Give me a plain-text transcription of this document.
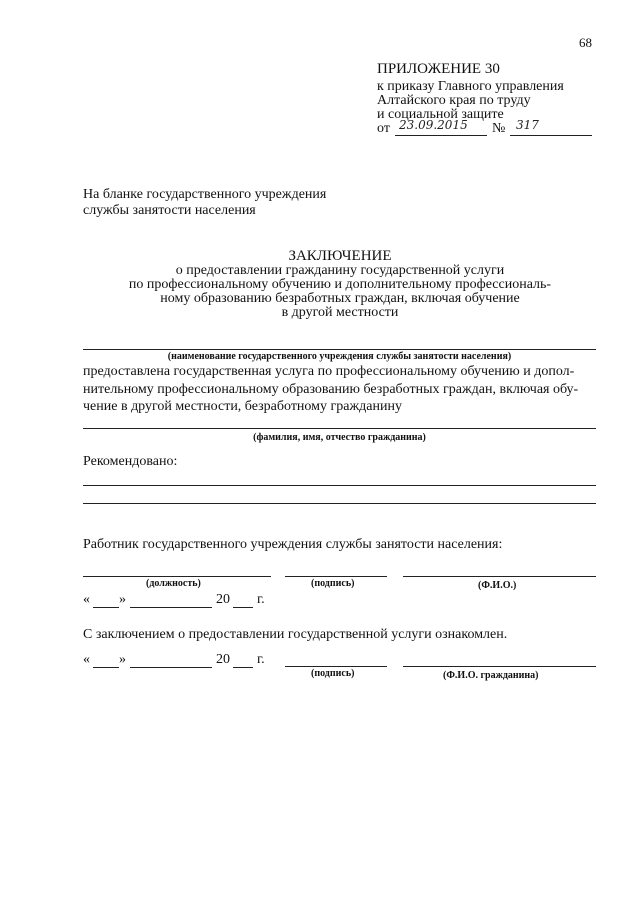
68
ПРИЛОЖЕНИЕ 30
к приказу Главного управления
Алтайского края по труду
и социальной защите
от 23.09.2015 № 317
На бланке государственного учреждения
службы занятости населения
ЗАКЛЮЧЕНИЕ
о предоставлении гражданину государственной услуги
по профессиональному обучению и дополнительному профессиональ-
ному образованию безработных граждан, включая обучение
в другой местности
(наименование государственного учреждения службы занятости населения)
предоставлена государственная услуга по профессиональному обучению и допол-
нительному профессиональному образованию безработных граждан, включая обу-
чение в другой местности, безработному гражданину
(фамилия, имя, отчество гражданина)
Рекомендовано:
Работник государственного учреждения службы занятости населения:
(должность)	(подпись)	(Ф.И.О.)
« »	20 г.
С заключением о предоставлении государственной услуги ознакомлен.
« »	20 г.
(подпись)	(Ф.И.О. гражданина)
